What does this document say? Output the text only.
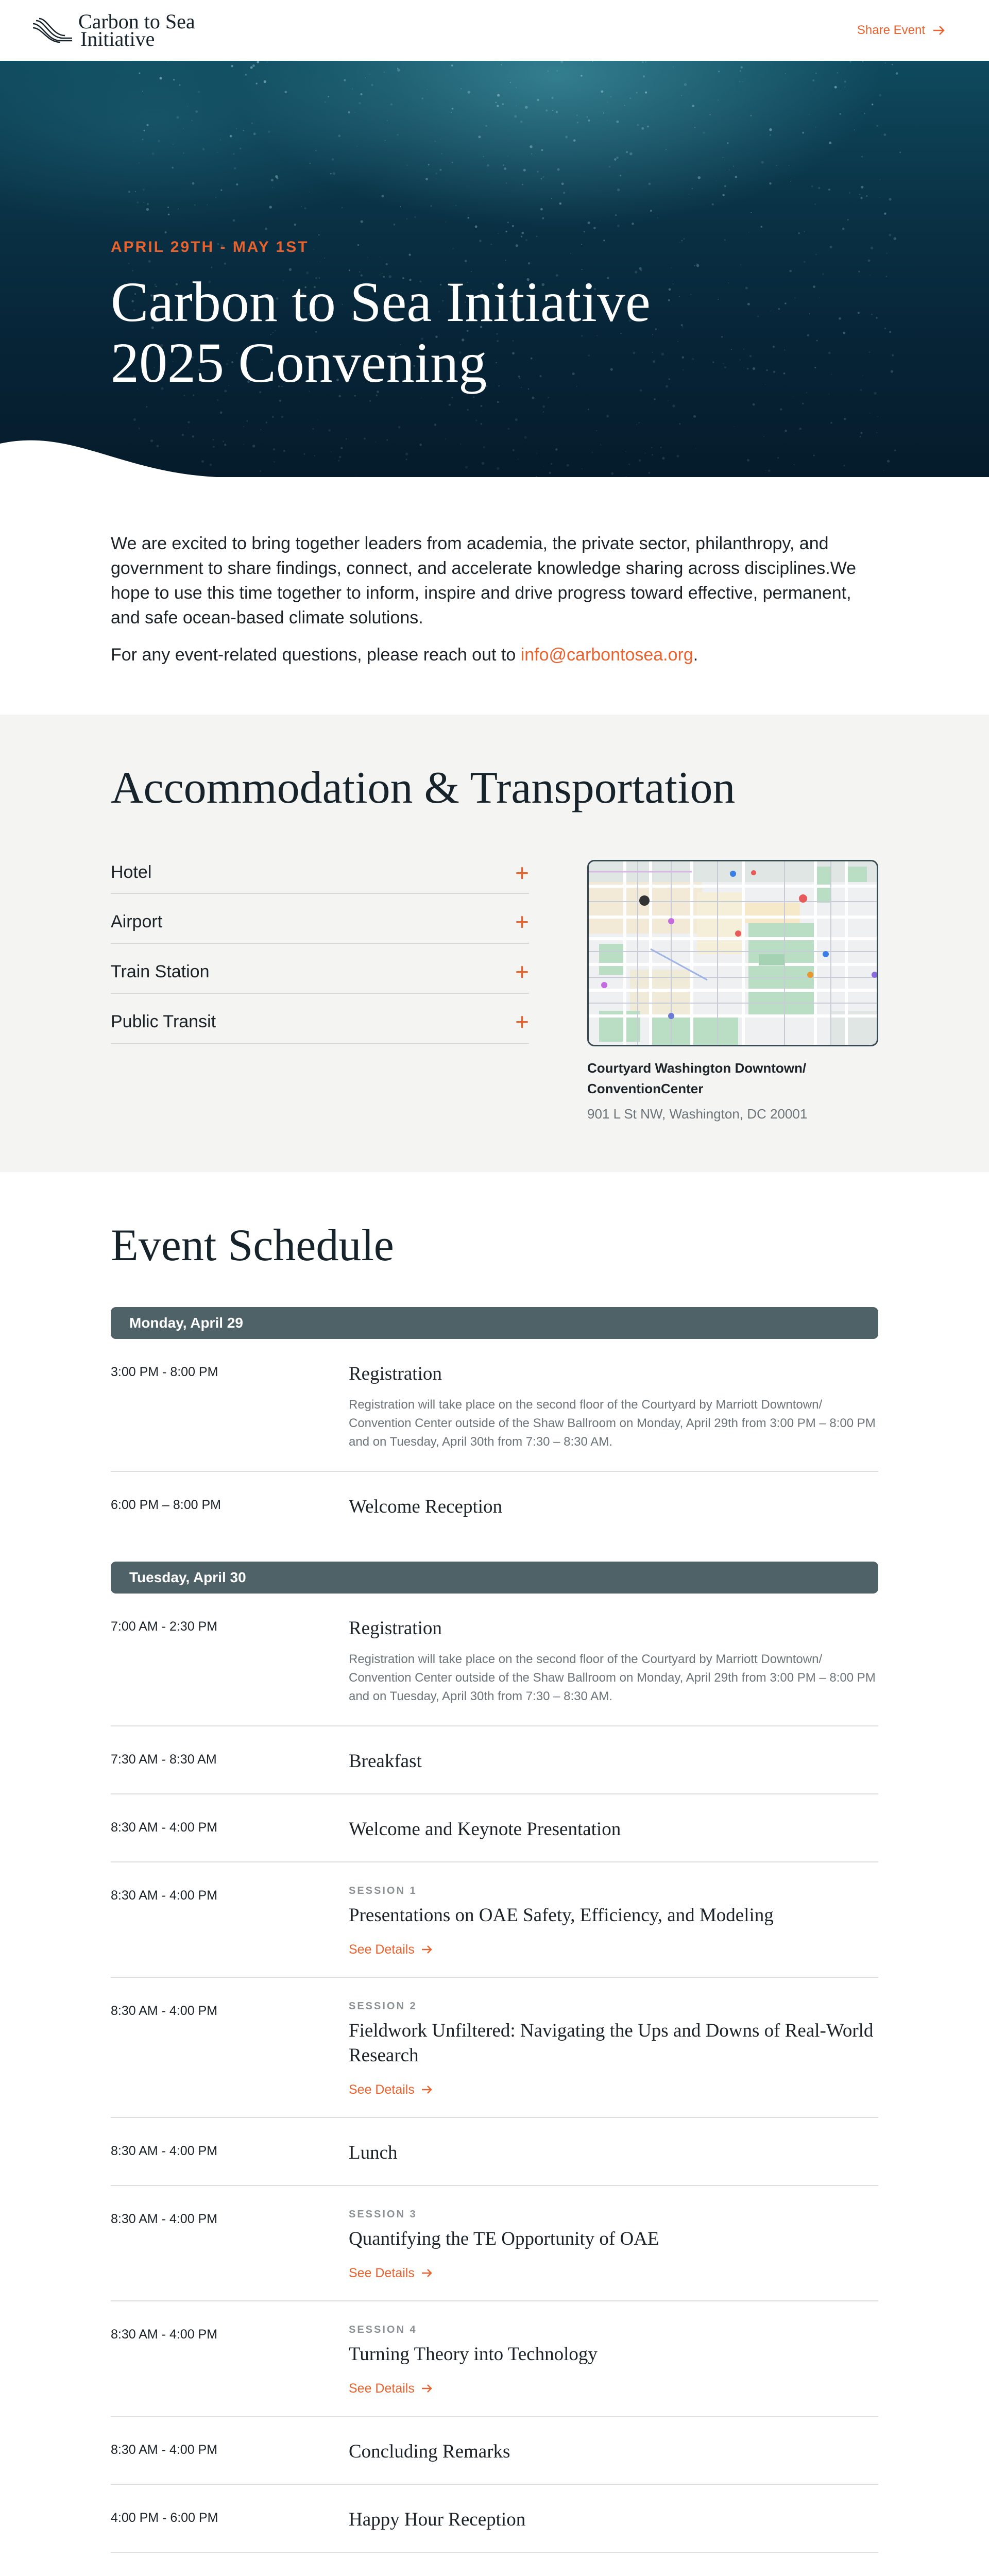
Carbon to Sea
Initiative	Share Event
APRIL 29TH - MAY 1ST
Carbon to Sea Initiative
2025 Convening

We are excited to bring together leaders from academia, the private sector, philanthropy, and government to share findings, connect, and accelerate knowledge sharing across disciplines.We hope to use this time together to inform, inspire and drive progress toward effective, permanent, and safe ocean-based climate solutions.

For any event-related questions, please reach out to info@carbontosea.org.

Accommodation & Transportation
Hotel	+
Airport	+
Train Station	+
Public Transit	+
Courtyard Washington Downtown/
ConventionCenter
901 L St NW, Washington, DC 20001
Event Schedule
Monday, April 29
3:00 PM - 8:00 PM	Registration
Registration will take place on the second floor of the Courtyard by Marriott Downtown/ Convention Center outside of the Shaw Ballroom on Monday, April 29th from 3:00 PM – 8:00 PM and on Tuesday, April 30th from 7:30 – 8:30 AM.
6:00 PM – 8:00 PM	Welcome Reception
Tuesday, April 30
7:00 AM - 2:30 PM	Registration
Registration will take place on the second floor of the Courtyard by Marriott Downtown/ Convention Center outside of the Shaw Ballroom on Monday, April 29th from 3:00 PM – 8:00 PM and on Tuesday, April 30th from 7:30 – 8:30 AM.
7:30 AM - 8:30 AM	Breakfast
8:30 AM - 4:00 PM	Welcome and Keynote Presentation
8:30 AM - 4:00 PM	SESSION 1
Presentations on OAE Safety, Efficiency, and Modeling
See Details
8:30 AM - 4:00 PM	SESSION 2
Fieldwork Unfiltered: Navigating the Ups and Downs of Real-World Research
See Details
8:30 AM - 4:00 PM	Lunch
8:30 AM - 4:00 PM	SESSION 3
Quantifying the TE Opportunity of OAE
See Details
8:30 AM - 4:00 PM	SESSION 4
Turning Theory into Technology
See Details
8:30 AM - 4:00 PM	Concluding Remarks
4:00 PM - 6:00 PM	Happy Hour Reception
